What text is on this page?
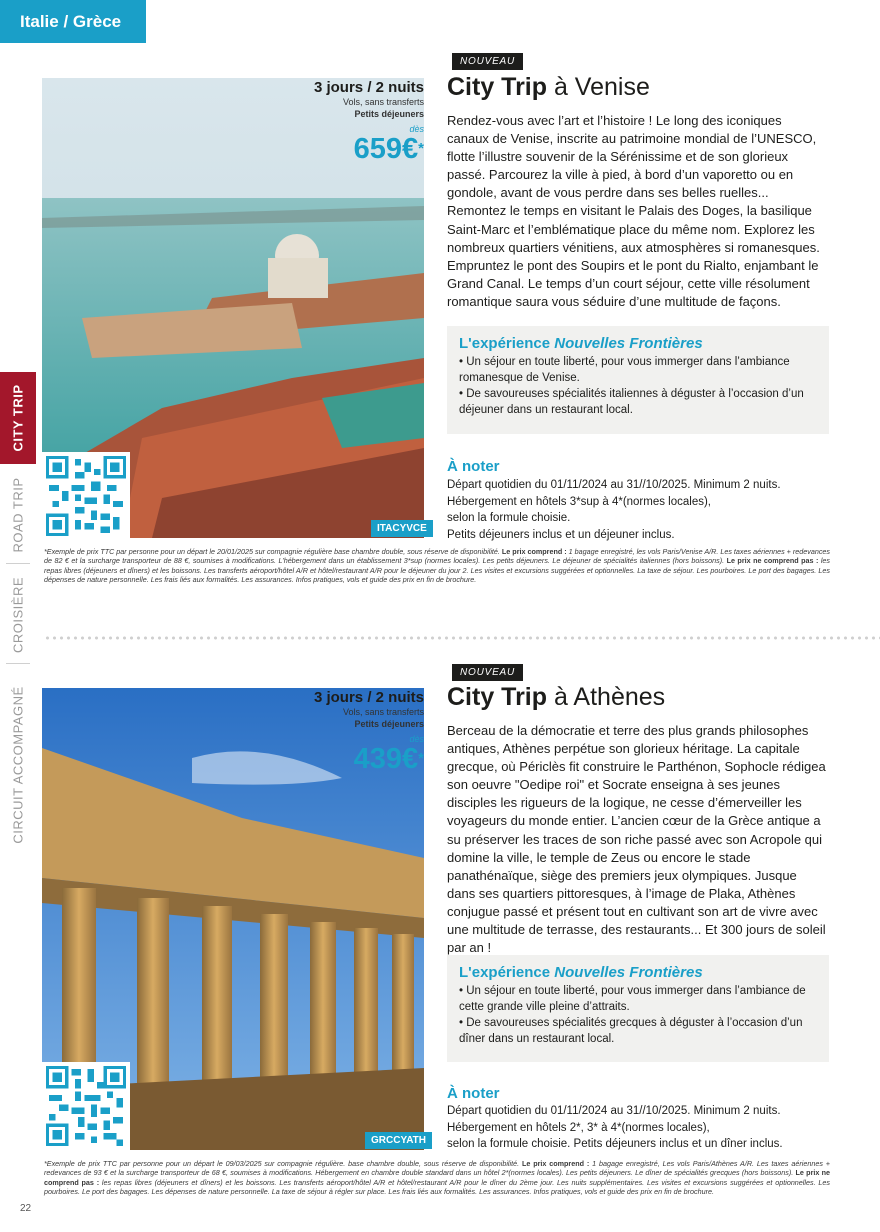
Italie / Grèce
CITY TRIP
ROAD TRIP
CROISIÈRE
CIRCUIT ACCOMPAGNÉ
ITACYVCE
3 jours / 2 nuits
Vols, sans transferts
Petits déjeuners
dès
659€*
NOUVEAU
City Trip à Venise
Rendez-vous avec l’art et l’histoire ! Le long des iconiques canaux de Venise, inscrite au patrimoine mondial de l’UNESCO, flotte l’illustre souvenir de la Sérénissime et de son glorieux passé. Parcourez la ville à pied, à bord d’un vaporetto ou en gondole, avant de vous perdre dans ses belles ruelles... Remontez le temps en visitant le Palais des Doges, la basilique Saint-Marc et l’emblématique place du même nom. Explorez les nombreux quartiers vénitiens, aux atmosphères si romanesques. Empruntez le pont des Soupirs et le pont du Rialto, enjambant le Grand Canal. Le temps d’un court séjour, cette ville résolument romantique saura vous séduire d’une multitude de façons.
L'expérience Nouvelles Frontières
• Un séjour en toute liberté, pour vous immerger dans l’ambiance romanesque de Venise.
• De savoureuses spécialités italiennes à déguster à l’occasion d’un déjeuner dans un restaurant local.
À noter
Départ quotidien du 01/11/2024 au 31//10/2025. Minimum 2 nuits.
Hébergement en hôtels 3*sup à 4*(normes locales),
selon la formule choisie.
Petits déjeuners inclus et un déjeuner inclus.
*Exemple de prix TTC par personne pour un départ le 20/01/2025 sur compagnie régulière base chambre double, sous réserve de disponibilité. Le prix comprend : 1 bagage enregistré, les vols Paris/Venise A/R. Les taxes aériennes + redevances de 82 € et la surcharge transporteur de 88 €, soumises à modifications. L’hébergement dans un établissement 3*sup (normes locales). Les petits déjeuners. Le déjeuner de spécialités italiennes (hors boissons). Le prix ne comprend pas : les repas libres (déjeuners et dîners) et les boissons. Les transferts aéroport/hôtel A/R et hôtel/restaurant A/R pour le déjeuner du jour 2. Les visites et excursions suggérées et optionnelles. La taxe de séjour. Les pourboires. Le port des bagages. Les dépenses de nature personnelle. Les frais liés aux formalités. Les assurances. Infos pratiques, vols et guide des prix en fin de brochure.
GRCCYATH
3 jours / 2 nuits
Vols, sans transferts
Petits déjeuners
dès
439€*
NOUVEAU
City Trip à Athènes
Berceau de la démocratie et terre des plus grands philosophes antiques, Athènes perpétue son glorieux héritage. La capitale grecque, où Périclès fit construire le Parthénon, Sophocle rédigea son oeuvre "Oedipe roi" et Socrate enseigna à ses jeunes disciples les rigueurs de la logique, ne cesse d’émerveiller les voyageurs du monde entier. L’ancien cœur de la Grèce antique a su préserver les traces de son riche passé avec son Acropole qui domine la ville, le temple de Zeus ou encore le stade panathénaïque, siège des premiers jeux olympiques. Jusque dans ses quartiers pittoresques, à l’image de Plaka, Athènes conjugue passé et présent tout en cultivant son art de vivre avec une multitude de terrasse, des restaurants... Et 300 jours de soleil par an !
L'expérience Nouvelles Frontières
• Un séjour en toute liberté, pour vous immerger dans l’ambiance de cette grande ville pleine d’attraits.
• De savoureuses spécialités grecques à déguster à l’occasion d’un dîner dans un restaurant local.
À noter
Départ quotidien du 01/11/2024 au 31//10/2025. Minimum 2 nuits.
Hébergement en hôtels 2*, 3* à 4*(normes locales),
selon la formule choisie. Petits déjeuners inclus et un dîner inclus.
*Exemple de prix TTC par personne pour un départ le 09/03/2025 sur compagnie régulière. base chambre double, sous réserve de disponibilité. Le prix comprend : 1 bagage enregistré, Les vols Paris/Athènes A/R. Les taxes aériennes + redevances de 93 € et la surcharge transporteur de 68 €, soumises à modifications. Hébergement en chambre double standard dans un hôtel 2*(normes locales). Les petits déjeuners. Le dîner de spécialités grecques (hors boissons). Le prix ne comprend pas : les repas libres (déjeuners et dîners) et les boissons. Les transferts aéroport/hôtel A/R et hôtel/restaurant A/R pour le dîner du 2ème jour. Les nuits supplémentaires. Les visites et excursions suggérées et optionnelles. Les pourboires. Le port des bagages. Les dépenses de nature personnelle. La taxe de séjour à régler sur place. Les frais liés aux formalités. Les assurances. Infos pratiques, vols et guide des prix en fin de brochure.
22
